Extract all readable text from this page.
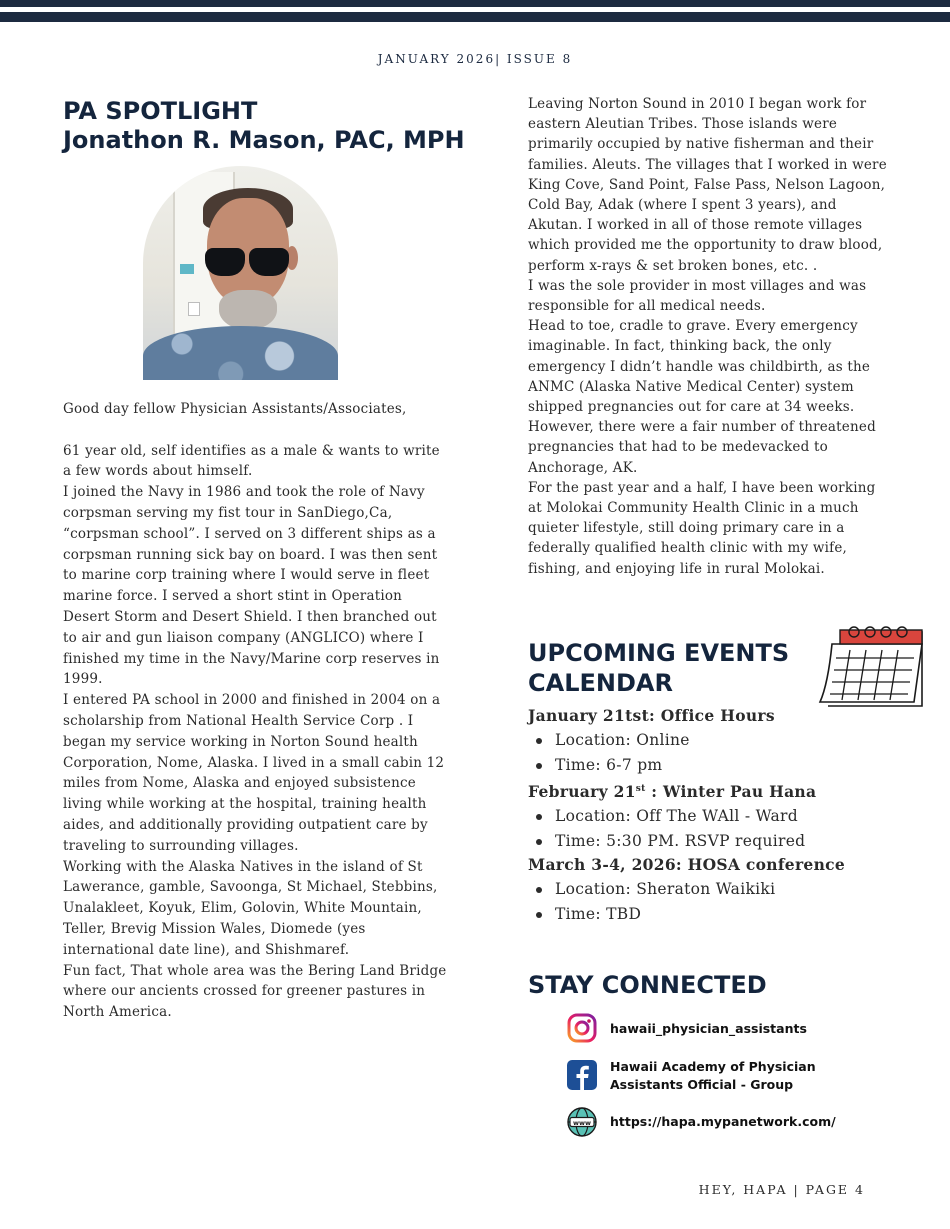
JANUARY 2026| ISSUE 8
PA SPOTLIGHT
Jonathon R. Mason, PAC, MPH

Good day fellow Physician Assistants/Associates,

61 year old, self identifies as a male & wants to write a few words about himself.

I joined the Navy in 1986 and took the role of Navy corpsman serving my fist tour in SanDiego,Ca, “corpsman school”. I served on 3 different ships as a corpsman running sick bay on board. I was then sent to marine corp training where I would serve in fleet marine force. I served a short stint in Operation Desert Storm and Desert Shield. I then branched out to air and gun liaison company (ANGLICO) where I finished my time in the Navy/Marine corp reserves in 1999.

I entered PA school in 2000 and finished in 2004 on a scholarship from National Health Service Corp . I began my service working in Norton Sound health Corporation, Nome, Alaska. I lived in a small cabin 12 miles from Nome, Alaska and enjoyed subsistence living while working at the hospital, training health aides, and additionally providing outpatient care by traveling to surrounding villages.

Working with the Alaska Natives in the island of St Lawerance, gamble, Savoonga, St Michael, Stebbins, Unalakleet, Koyuk, Elim, Golovin, White Mountain, Teller, Brevig Mission Wales, Diomede (yes international date line), and Shishmaref.

Fun fact, That whole area was the Bering Land Bridge where our ancients crossed for greener pastures in North America.

Leaving Norton Sound in 2010 I began work for eastern Aleutian Tribes. Those islands were primarily occupied by native fisherman and their families. Aleuts. The villages that I worked in were King Cove, Sand Point, False Pass, Nelson Lagoon, Cold Bay, Adak (where I spent 3 years), and Akutan. I worked in all of those remote villages which provided me the opportunity to draw blood, perform x-rays & set broken bones, etc. .

I was the sole provider in most villages and was responsible for all medical needs.

Head to toe, cradle to grave. Every emergency imaginable. In fact, thinking back, the only emergency I didn’t handle was childbirth, as the ANMC (Alaska Native Medical Center) system shipped pregnancies out for care at 34 weeks. However, there were a fair number of threatened pregnancies that had to be medevacked to Anchorage, AK.

For the past year and a half, I have been working at Molokai Community Health Clinic in a much quieter lifestyle, still doing primary care in a federally qualified health clinic with my wife, fishing, and enjoying life in rural Molokai.

UPCOMING EVENTS
CALENDAR
January 21tst: Office Hours
Location: Online
Time: 6-7 pm
February 21st : Winter Pau Hana
Location: Off The WAll - Ward
Time: 5:30 PM. RSVP required
March 3-4, 2026: HOSA conference
Location: Sheraton Waikiki
Time: TBD
STAY CONNECTED
hawaii_physician_assistants
Hawaii Academy of Physician
Assistants Official - Group
www https://hapa.mypanetwork.com/
HEY, HAPA | PAGE 4
